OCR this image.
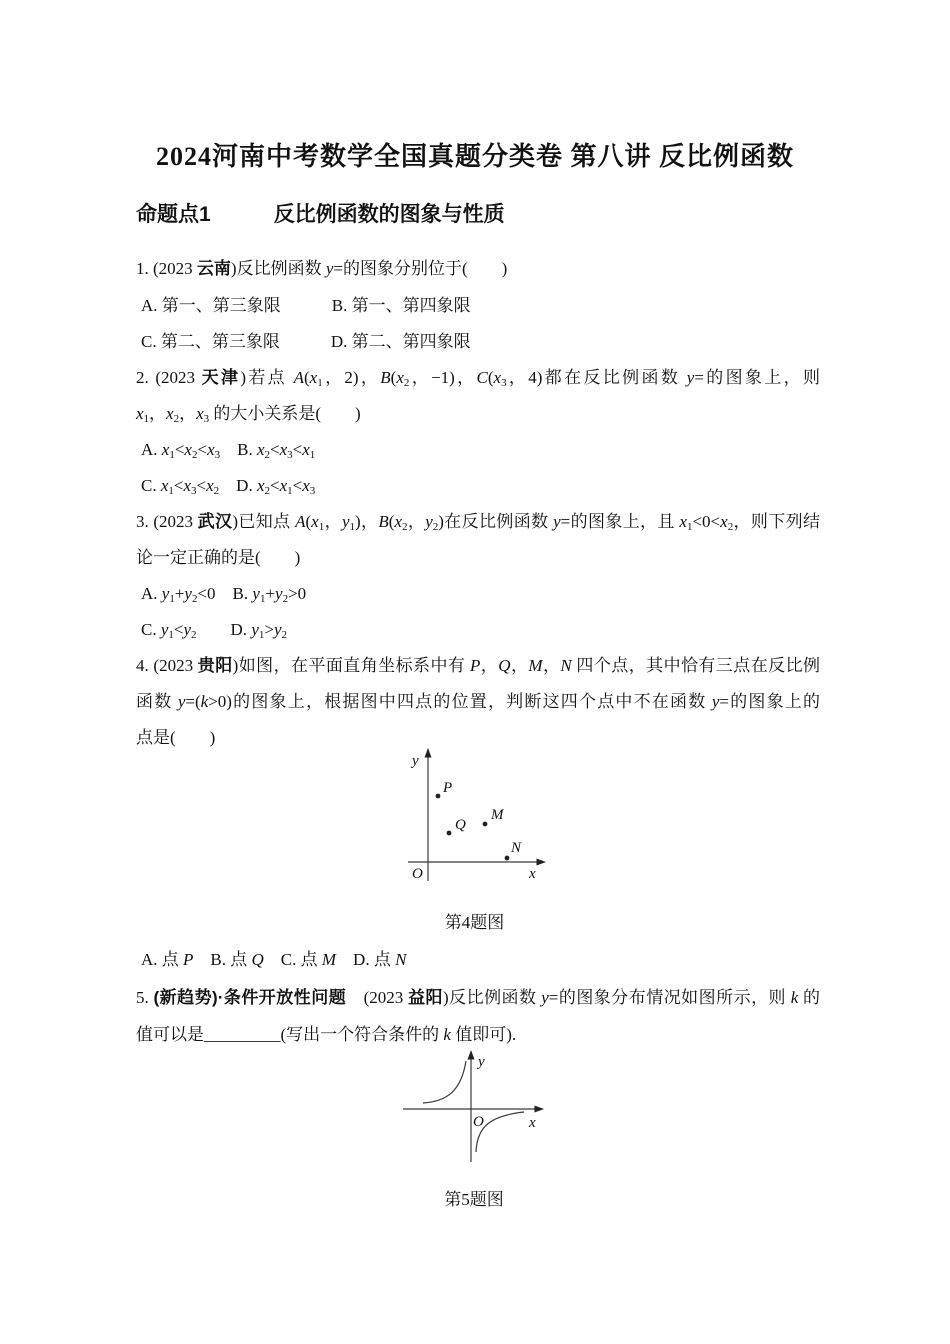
2024河南中考数学全国真题分类卷 第八讲 反比例函数
命题点1	反比例函数的图象与性质
1. (2023 云南)反比例函数 y=的图象分别位于(　　)
A. 第一、第三象限　　　B. 第一、第四象限
C. 第二、第三象限　　　D. 第二、第四象限
2. (2023 天津)若点 A(x1，2)，B(x2，−1)，C(x3，4)都在反比例函数 y=的图象上，则
x1，x2，x3 的大小关系是(　　)
A. x1<x2<x3　B. x2<x3<x1
C. x1<x3<x2　D. x2<x1<x3
3. (2023 武汉)已知点 A(x1，y1)，B(x2，y2)在反比例函数 y=的图象上，且 x1<0<x2，则下列结
论一定正确的是(　　)
A. y1+y2<0　B. y1+y2>0
C. y1<y2　　D. y1>y2
4. (2023 贵阳)如图，在平面直角坐标系中有 P，Q，M，N 四个点，其中恰有三点在反比例
函数 y=(k>0)的图象上，根据图中四点的位置，判断这四个点中不在函数 y=的图象上的
点是(　　)
P
Q
M
N
O
y
x
第4题图
A. 点 P　B. 点 Q　C. 点 M　D. 点 N
5. (新趋势)·条件开放性问题　(2023 益阳)反比例函数 y=的图象分布情况如图所示，则 k 的
值可以是_________(写出一个符合条件的 k 值即可).
O
y
x
第5题图
